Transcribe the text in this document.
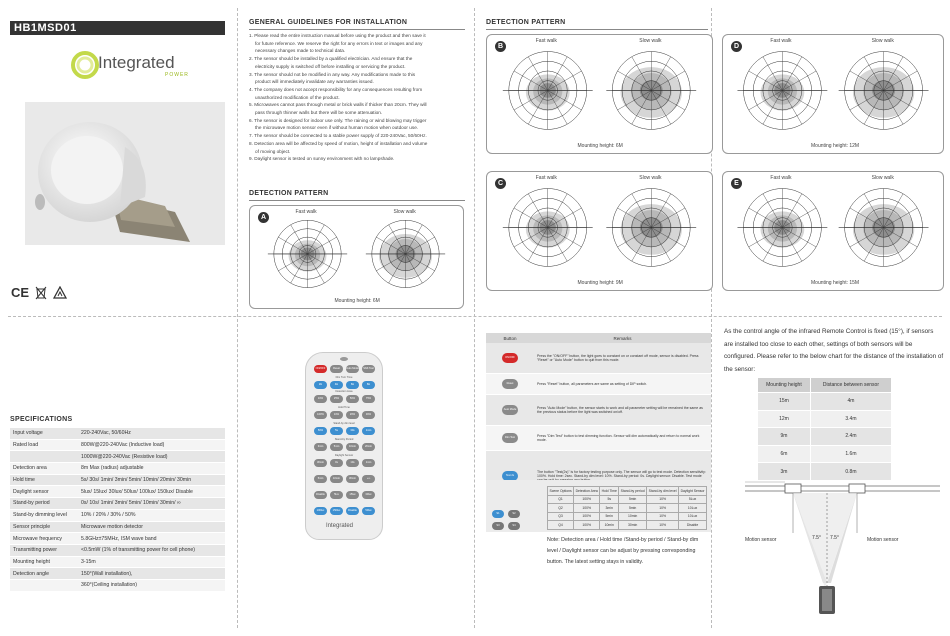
HB1MSD01
Integrated
POWER
CE
GENERAL GUIDELINES FOR INSTALLATION

1. Please read the entire instruction manual before using the product and then save it

for future reference. We reserve the right for any errors in text or images and any

necessary changes made to technical data.

2. The sensor should be installed by a qualified electrician. And ensure that the

electricity supply is switched off before installing or servicing the product.

3. The sensor should not be modified in any way. Any modifications made to this

product will immediately invalidate any warranties issued.

4. The company does not accept responsibility for any consequences resulting from

unauthorized modification of the product.

5. Microwaves cannot pass through metal or brick walls if thicker than 20cm. They will

pass through thinner walls but there will be some attenuation.

6. The sensor is designed for indoor use only. The raining or wind blowing may trigger

the microwave motion sensor even if without human motion when outdoor use.

7. The sensor should be connected to a stable power supply of 220-240Vac, 50/60Hz.

8. Detection area will be affected by speed of motion, height of installation and volume

of moving object.

9. Daylight sensor is tested on sunny environment with no lampshade.

DETECTION PATTERN
A
Fast walk	Slow walk
Mounting height: 6M
B
Fast walk	Slow walk
Mounting height: 6M
C
Fast walk	Slow walk
Mounting height: 9M
D
Fast walk	Slow walk
Mounting height: 12M
E
Fast walk	Slow walk
Mounting height: 15M
DETECTION PATTERN
SPECIFICATIONS
Input voltage	220-240Vac, 50/60Hz
Rated load	800W@220-240Vac (Inductive load)
	1000W@220-240Vac (Resistive load)
Detection area	8m Max (radius) adjustable
Hold time	5s/ 30s/ 1min/ 3min/ 5min/ 10min/ 20min/ 30min
Daylight sensor	5lux/ 15lux/ 30lux/ 50lux/ 100lux/ 150lux/ Disable
Stand-by period	0s/ 10s/ 1min/ 3min/ 5min/ 10min/ 30min/ ∞
Stand-by dimming level	10% / 20% / 30% / 50%
Sensor principle	Microwave motion detector
Microwave frequency	5.8GHz±75MHz, ISM wave band
Transmitting power	<0.5mW (1% of transmitting power for cell phone)
Mounting height	3-15m
Detection angle	150°(Wall installation),
	360°(Ceiling installation)
ON/OFF	Reset	Auto Mode	Shift Test
2H	4H	6H	8H
10%	25%	50%	75%
100%	10%	20%	30%
50%	5s	30s	1min
3min	5min	10min	20min
30min	0s	10s	1min
5min	10min	30min	+∞
Disable	5lux	15lux	30lux
100lux	150lux	Disable	50lux
Dim Turn Time
Detection Area
Hold Time
Stand-by dim level
Stand-by Period
Daylight Sensor
Integrated
Button	Remarks
ON/OFF	Press the "ON/OFF" button, the light goes to constant on or constant off mode, sensor is disabled. Press "Reset" or "Auto Mode" button to quit from this mode.
Reset	Press "Reset" button, all parameters are same as setting of DIP switch.
Auto Mode	Press "Auto Mode" button, the sensor starts to work and all parameter setting will be remained the same as the previous status before the light was switched on/off.
Dim Test	Press "Dim Test" button to test dimming function. Sensor will dim automatically and return to normal work mode.
Test 2s	The button "Test(2s)" is for factory testing purpose only. The sensor will go to test mode. Detection sensitivity: 100%. Hold time: 2sec. Stand-by dim level: 10%. Stand-by period: 0s. Daylight sensor: Disable. Test mode
S1	S2
S3	S4
Scene Options	Detection Area	Hold Time	Stand-by period	Stand-by dim level	Daylight Sensor
Q1	100%	5s	5min	10%	5Lux
Q2	100%	3min	5min	10%	10Lux
Q3	100%	5min	10min	10%	10Lux
Q4	100%	10min	30min	10%	Disable
Note: Detection area / Hold time /Stand-by period / Stand-by dim level / Daylight sensor can be adjust by pressing corresponding button. The latest setting stays in validity.
As the control angle of the infrared Remote Control is fixed (15°), if sensors are installed too close to each other, settings of both sensors will be configured. Please refer to the below chart for the distance of the installation of the sensor:
Mounting height	Distance between sensor
15m	4m
12m	3.4m
9m	2.4m
6m	1.6m
3m	0.8m
7.5° 7.5°
Motion sensor	Motion sensor
